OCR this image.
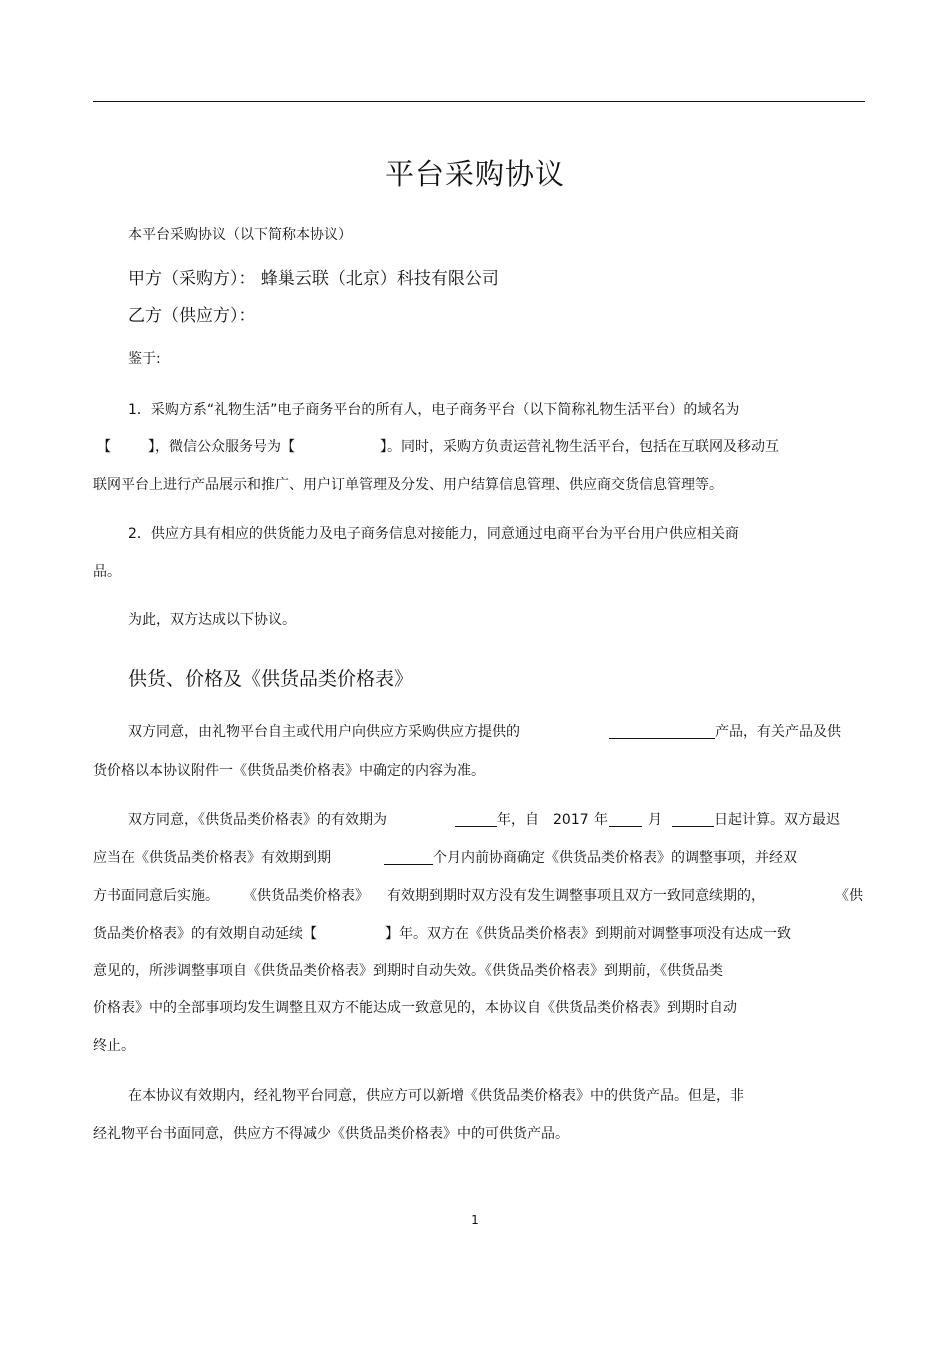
平台采购协议
本平台采购协议（以下简称本协议）
甲方（采购方）： 蜂巢云联（北京）科技有限公司
乙方（供应方）：
鉴于:
1．采购方系“礼物生活”电子商务平台的所有人，电子商务平台（以下简称礼物生活平台）的域名为
【	】，微信公众服务号为【	】。同时，采购方负责运营礼物生活平台，包括在互联网及移动互
联网平台上进行产品展示和推广、用户订单管理及分发、用户结算信息管理、供应商交货信息管理等。
2．供应方具有相应的供货能力及电子商务信息对接能力，同意通过电商平台为平台用户供应相关商
品。
为此，双方达成以下协议。
供货、价格及《供货品类价格表》
双方同意，由礼物平台自主或代用户向供应方采购供应方提供的	产品，有关产品及供
货价格以本协议附件一《供货品类价格表》中确定的内容为准。
双方同意，《供货品类价格表》的有效期为	年，自 2017 年	月	日起计算。双方最迟
应当在《供货品类价格表》有效期到期	个月内前协商确定《供货品类价格表》的调整事项，并经双
方书面同意后实施。 《供货品类价格表》 有效期到期时双方没有发生调整事项且双方一致同意续期的，	《供
货品类价格表》的有效期自动延续【	】年。双方在《供货品类价格表》到期前对调整事项没有达成一致
意见的，所涉调整事项自《供货品类价格表》到期时自动失效。《供货品类价格表》到期前，《供货品类
价格表》中的全部事项均发生调整且双方不能达成一致意见的，本协议自《供货品类价格表》到期时自动
终止。
在本协议有效期内，经礼物平台同意，供应方可以新增《供货品类价格表》中的供货产品。但是，非
经礼物平台书面同意，供应方不得减少《供货品类价格表》中的可供货产品。
1
